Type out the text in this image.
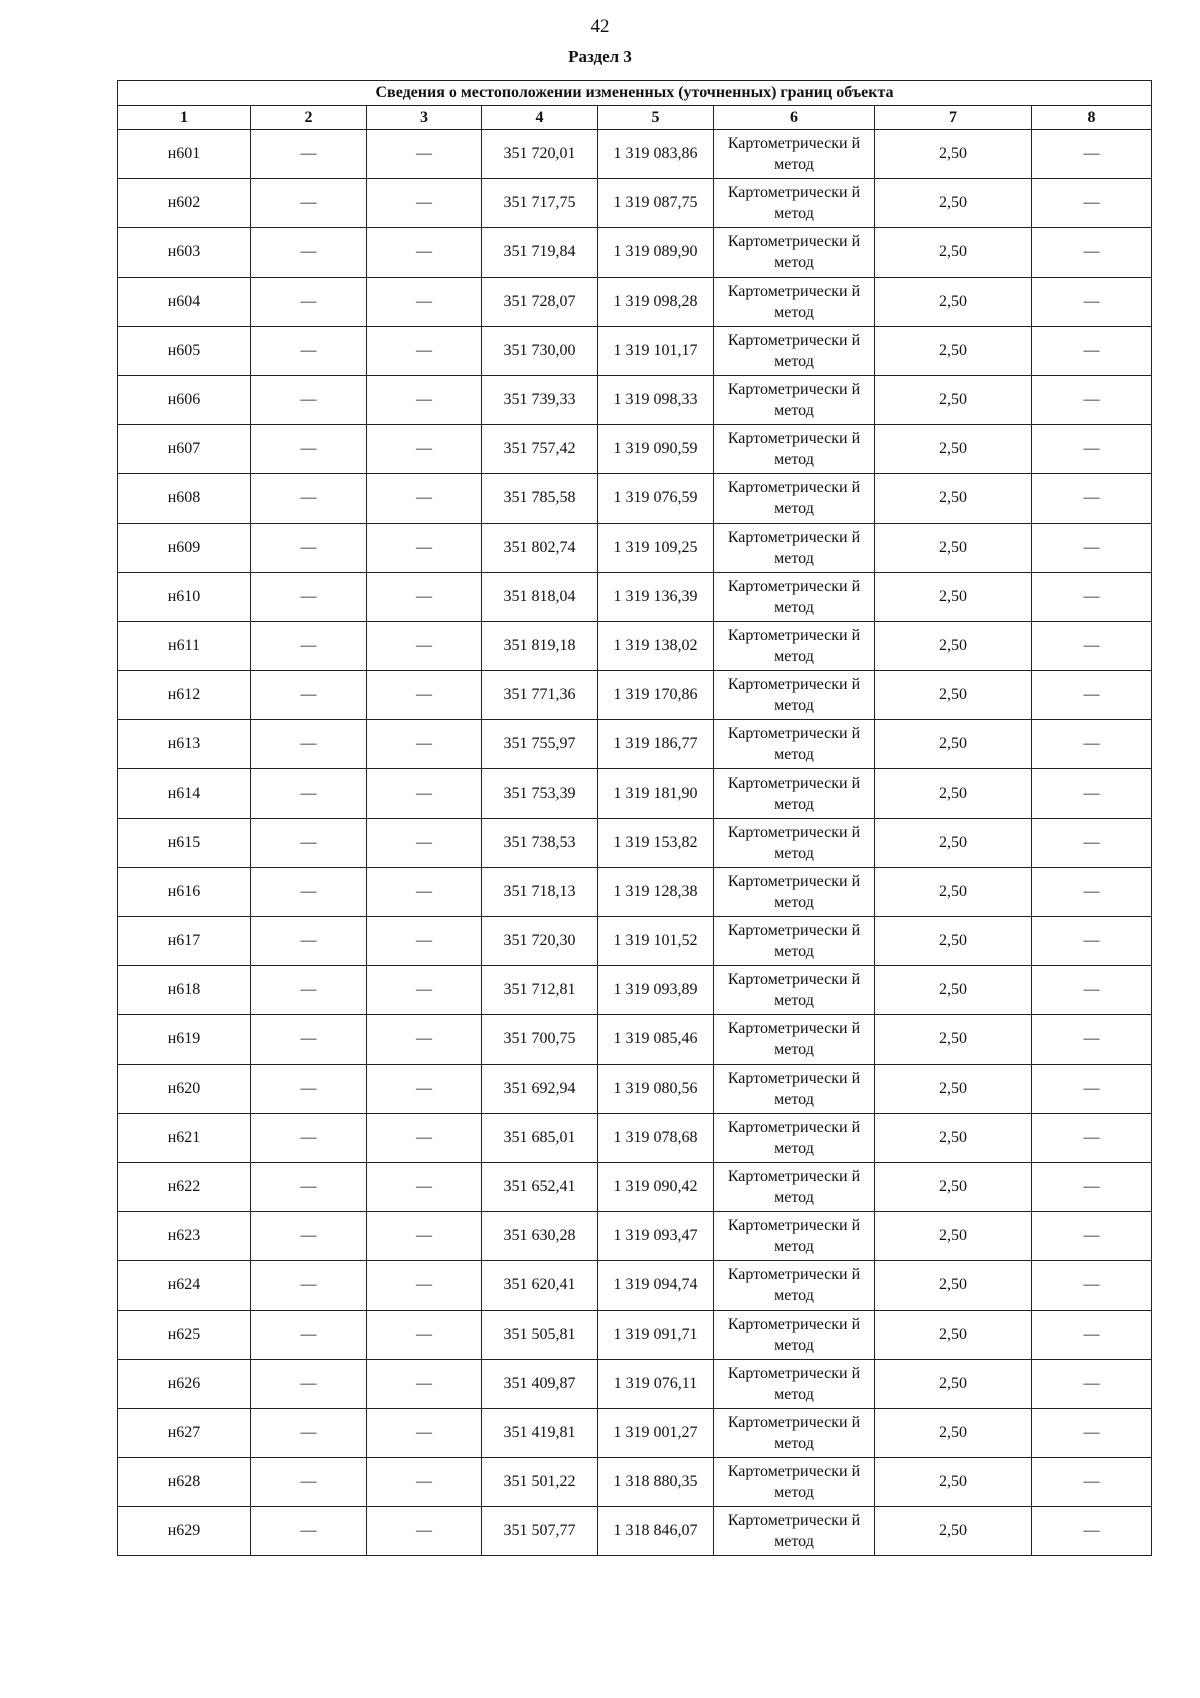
42
Раздел 3
Сведения о местоположении измененных (уточненных) границ объекта							
1	2	3	4	5	6	7	8
н601	—	—	351 720,01	1 319 083,86	Картометрически й метод	2,50	—
н602	—	—	351 717,75	1 319 087,75	Картометрически й метод	2,50	—
н603	—	—	351 719,84	1 319 089,90	Картометрически й метод	2,50	—
н604	—	—	351 728,07	1 319 098,28	Картометрически й метод	2,50	—
н605	—	—	351 730,00	1 319 101,17	Картометрически й метод	2,50	—
н606	—	—	351 739,33	1 319 098,33	Картометрически й метод	2,50	—
н607	—	—	351 757,42	1 319 090,59	Картометрически й метод	2,50	—
н608	—	—	351 785,58	1 319 076,59	Картометрически й метод	2,50	—
н609	—	—	351 802,74	1 319 109,25	Картометрически й метод	2,50	—
н610	—	—	351 818,04	1 319 136,39	Картометрически й метод	2,50	—
н611	—	—	351 819,18	1 319 138,02	Картометрически й метод	2,50	—
н612	—	—	351 771,36	1 319 170,86	Картометрически й метод	2,50	—
н613	—	—	351 755,97	1 319 186,77	Картометрически й метод	2,50	—
н614	—	—	351 753,39	1 319 181,90	Картометрически й метод	2,50	—
н615	—	—	351 738,53	1 319 153,82	Картометрически й метод	2,50	—
н616	—	—	351 718,13	1 319 128,38	Картометрически й метод	2,50	—
н617	—	—	351 720,30	1 319 101,52	Картометрически й метод	2,50	—
н618	—	—	351 712,81	1 319 093,89	Картометрически й метод	2,50	—
н619	—	—	351 700,75	1 319 085,46	Картометрически й метод	2,50	—
н620	—	—	351 692,94	1 319 080,56	Картометрически й метод	2,50	—
н621	—	—	351 685,01	1 319 078,68	Картометрически й метод	2,50	—
н622	—	—	351 652,41	1 319 090,42	Картометрически й метод	2,50	—
н623	—	—	351 630,28	1 319 093,47	Картометрически й метод	2,50	—
н624	—	—	351 620,41	1 319 094,74	Картометрически й метод	2,50	—
н625	—	—	351 505,81	1 319 091,71	Картометрически й метод	2,50	—
н626	—	—	351 409,87	1 319 076,11	Картометрически й метод	2,50	—
н627	—	—	351 419,81	1 319 001,27	Картометрически й метод	2,50	—
н628	—	—	351 501,22	1 318 880,35	Картометрически й метод	2,50	—
н629	—	—	351 507,77	1 318 846,07	Картометрически й метод	2,50	—
